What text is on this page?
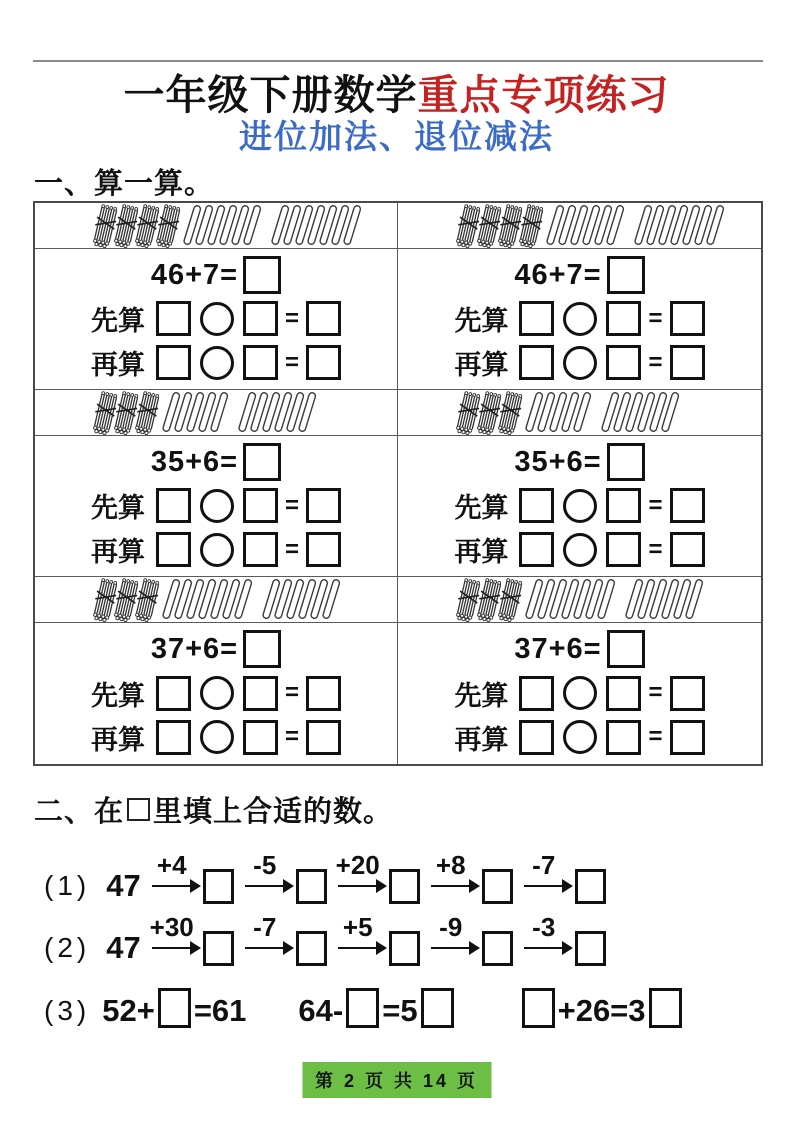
一年级下册数学重点专项练习
进位加法、退位减法
一、算一算。
46+7=
先算	=
再算	=
46+7=
先算	=
再算	=
35+6=
先算	=
再算	=
35+6=
先算	=
再算	=
37+6=
先算	=
再算	=
37+6=
先算	=
再算	=
二、在 里填上合适的数。
(1) 47
+4	-5 +20 +8	-7
(2) 47
+30 -7	+5	-9	-3
(3) 52+ =61 64- =5	+26=3
第 2 页 共 14 页
